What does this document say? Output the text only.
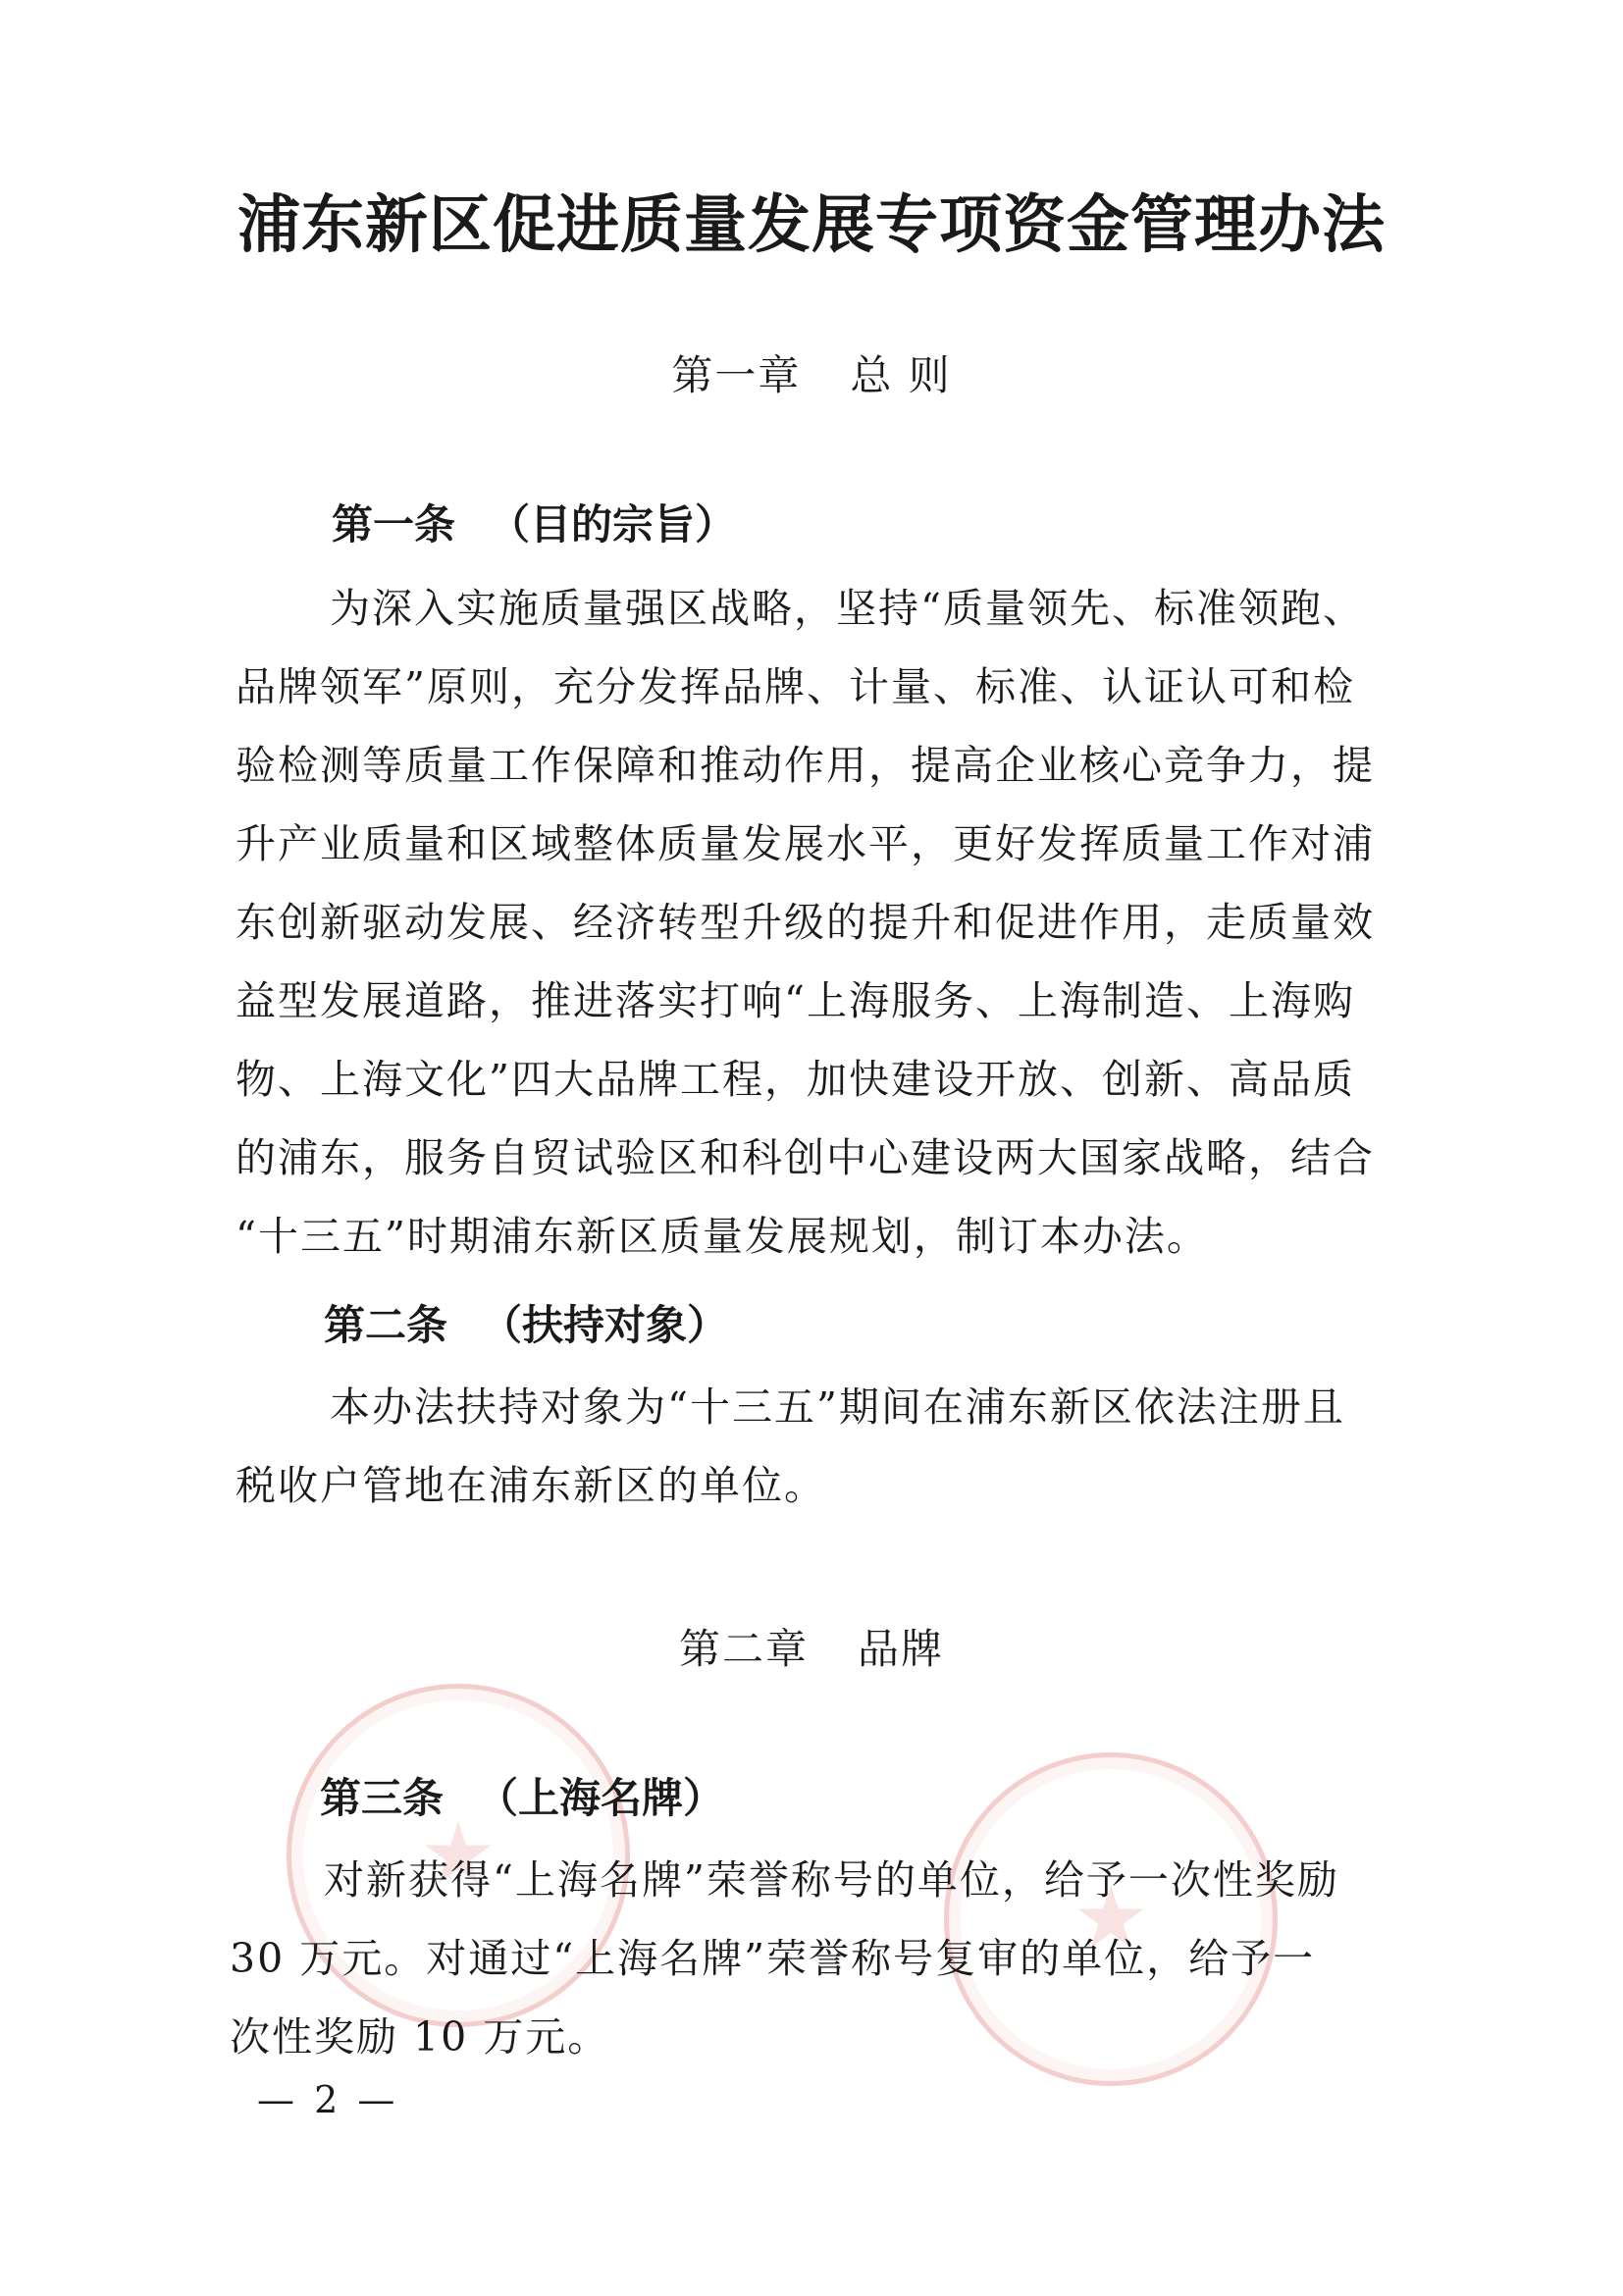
浦东新区促进质量发展专项资金管理办法
第一章 总 则
第一条 （目的宗旨）
为深入实施质量强区战略，坚持“质量领先、标准领跑、
品牌领军”原则，充分发挥品牌、计量、标准、认证认可和检
验检测等质量工作保障和推动作用，提高企业核心竞争力，提
升产业质量和区域整体质量发展水平，更好发挥质量工作对浦
东创新驱动发展、经济转型升级的提升和促进作用，走质量效
益型发展道路，推进落实打响“上海服务、上海制造、上海购
物、上海文化”四大品牌工程，加快建设开放、创新、高品质
的浦东，服务自贸试验区和科创中心建设两大国家战略，结合
“十三五”时期浦东新区质量发展规划，制订本办法。
第二条 （扶持对象）
本办法扶持对象为“十三五”期间在浦东新区依法注册且
税收户管地在浦东新区的单位。
第二章 品牌
第三条 （上海名牌）
对新获得“上海名牌”荣誉称号的单位，给予一次性奖励
30 万元。对通过“上海名牌”荣誉称号复审的单位，给予一
次性奖励 10 万元。
— 2 —
